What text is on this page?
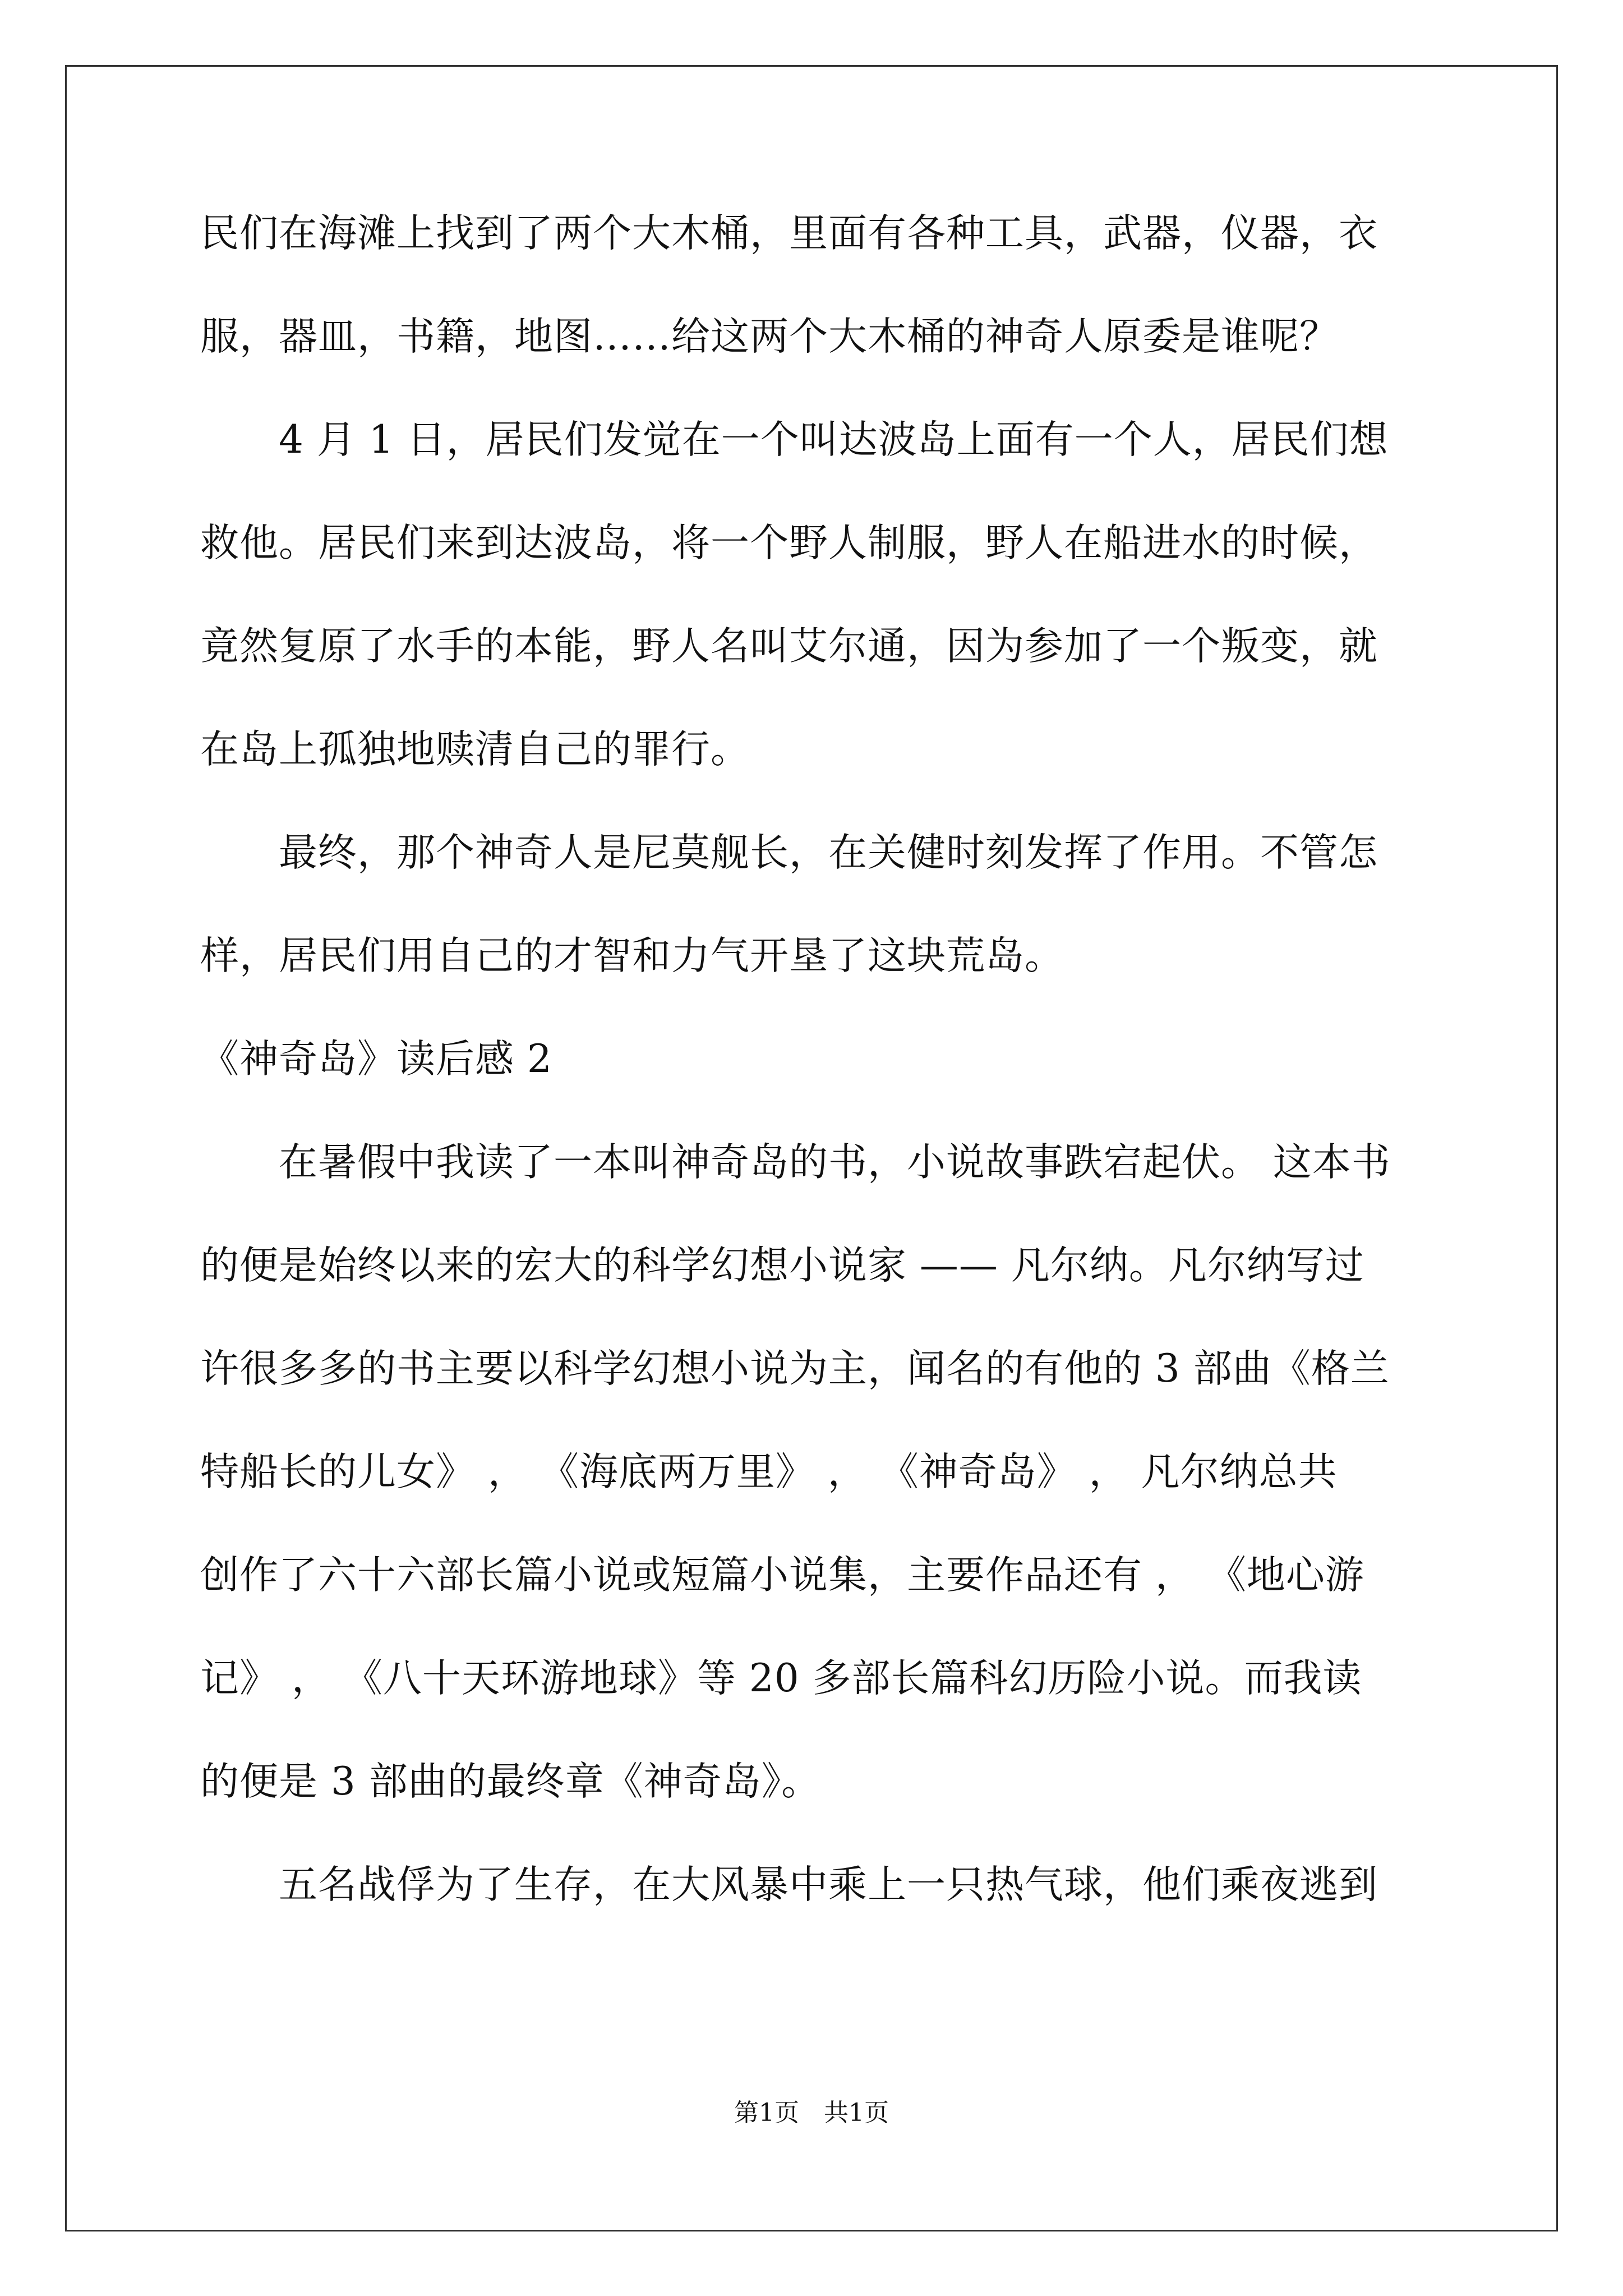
民们在海滩上找到了两个大木桶，里面有各种工具，武器，仪器，衣
服，器皿，书籍，地图……给这两个大木桶的神奇人原委是谁呢？
　　4 月 1 日，居民们发觉在一个叫达波岛上面有一个人，居民们想
救他。居民们来到达波岛，将一个野人制服，野人在船进水的时候，
竟然复原了水手的本能，野人名叫艾尔通，因为参加了一个叛变，就
在岛上孤独地赎清自己的罪行。
　　最终，那个神奇人是尼莫舰长，在关健时刻发挥了作用。不管怎
样，居民们用自己的才智和力气开垦了这块荒岛。
《神奇岛》读后感 2
　　在暑假中我读了一本叫神奇岛的书，小说故事跌宕起伏。 这本书
的便是始终以来的宏大的科学幻想小说家 —— 凡尔纳。凡尔纳写过
许很多多的书主要以科学幻想小说为主，闻名的有他的 3 部曲《格兰
特船长的儿女》 ， 《海底两万里》 ， 《神奇岛》 ， 凡尔纳总共
创作了六十六部长篇小说或短篇小说集，主要作品还有 ， 《地心游
记》 ， 《八十天环游地球》等 20 多部长篇科幻历险小说。而我读
的便是 3 部曲的最终章《神奇岛》。
　　五名战俘为了生存，在大风暴中乘上一只热气球，他们乘夜逃到
第1页　共1页
